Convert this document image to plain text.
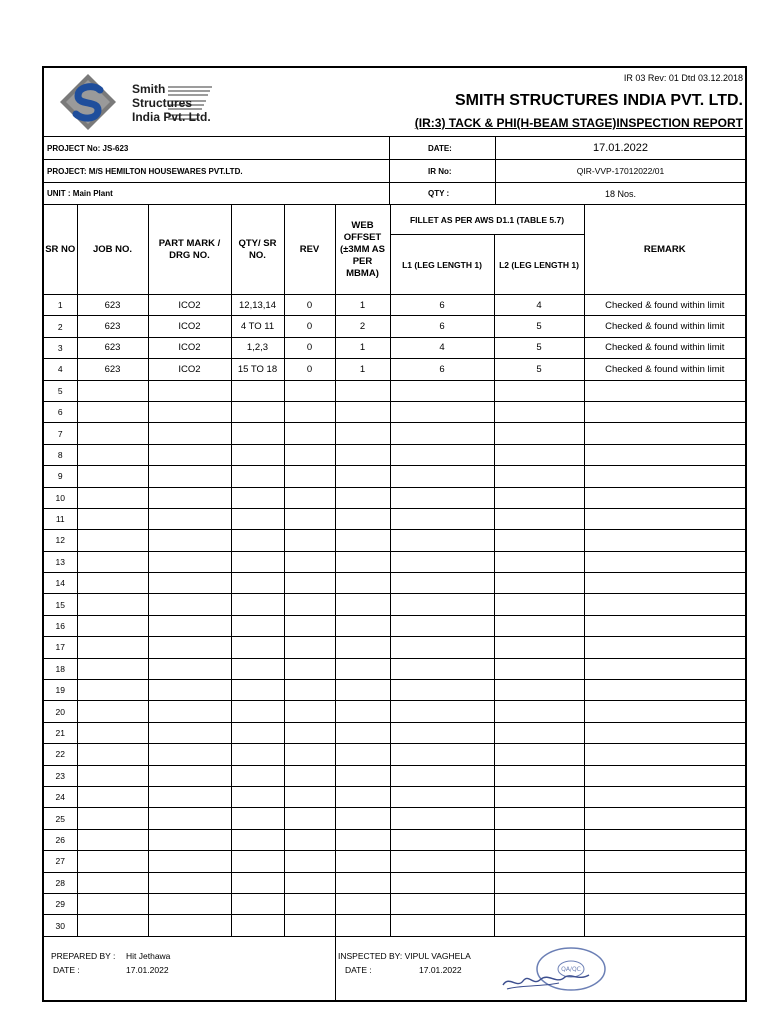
Smith
Structures
India Pvt. Ltd.
IR 03 Rev: 01 Dtd 03.12.2018
SMITH STRUCTURES INDIA PVT. LTD.
(IR:3) TACK & PHI(H-BEAM STAGE)INSPECTION REPORT
PROJECT No: JS-623	DATE:	17.01.2022
PROJECT: M/S HEMILTON HOUSEWARES PVT.LTD.	IR No:	QIR-VVP-17012022/01
UNIT : Main Plant	QTY :	18 Nos.
SR NO	JOB NO.	PART MARK / DRG NO.	QTY/ SR NO.	REV	WEB OFFSET (±3MM AS PER MBMA)	FILLET AS PER AWS D1.1 (TABLE 5.7)		REMARK
						L1 (LEG LENGTH 1)	L2 (LEG LENGTH 1)	
1	623	ICO2	12,13,14	0	1	6	4	Checked & found within limit
2	623	ICO2	4 TO 11	0	2	6	5	Checked & found within limit
3	623	ICO2	1,2,3	0	1	4	5	Checked & found within limit
4	623	ICO2	15 TO 18	0	1	6	5	Checked & found within limit
5								
6								
7								
8								
9								
10								
11								
12								
13								
14								
15								
16								
17								
18								
19								
20								
21								
22								
23								
24								
25								
26								
27								
28								
29								
30								
PREPARED BY : Hit Jethawa
DATE :	17.01.2022
INSPECTED BY: VIPUL VAGHELA
DATE :	17.01.2022	QA/QC
